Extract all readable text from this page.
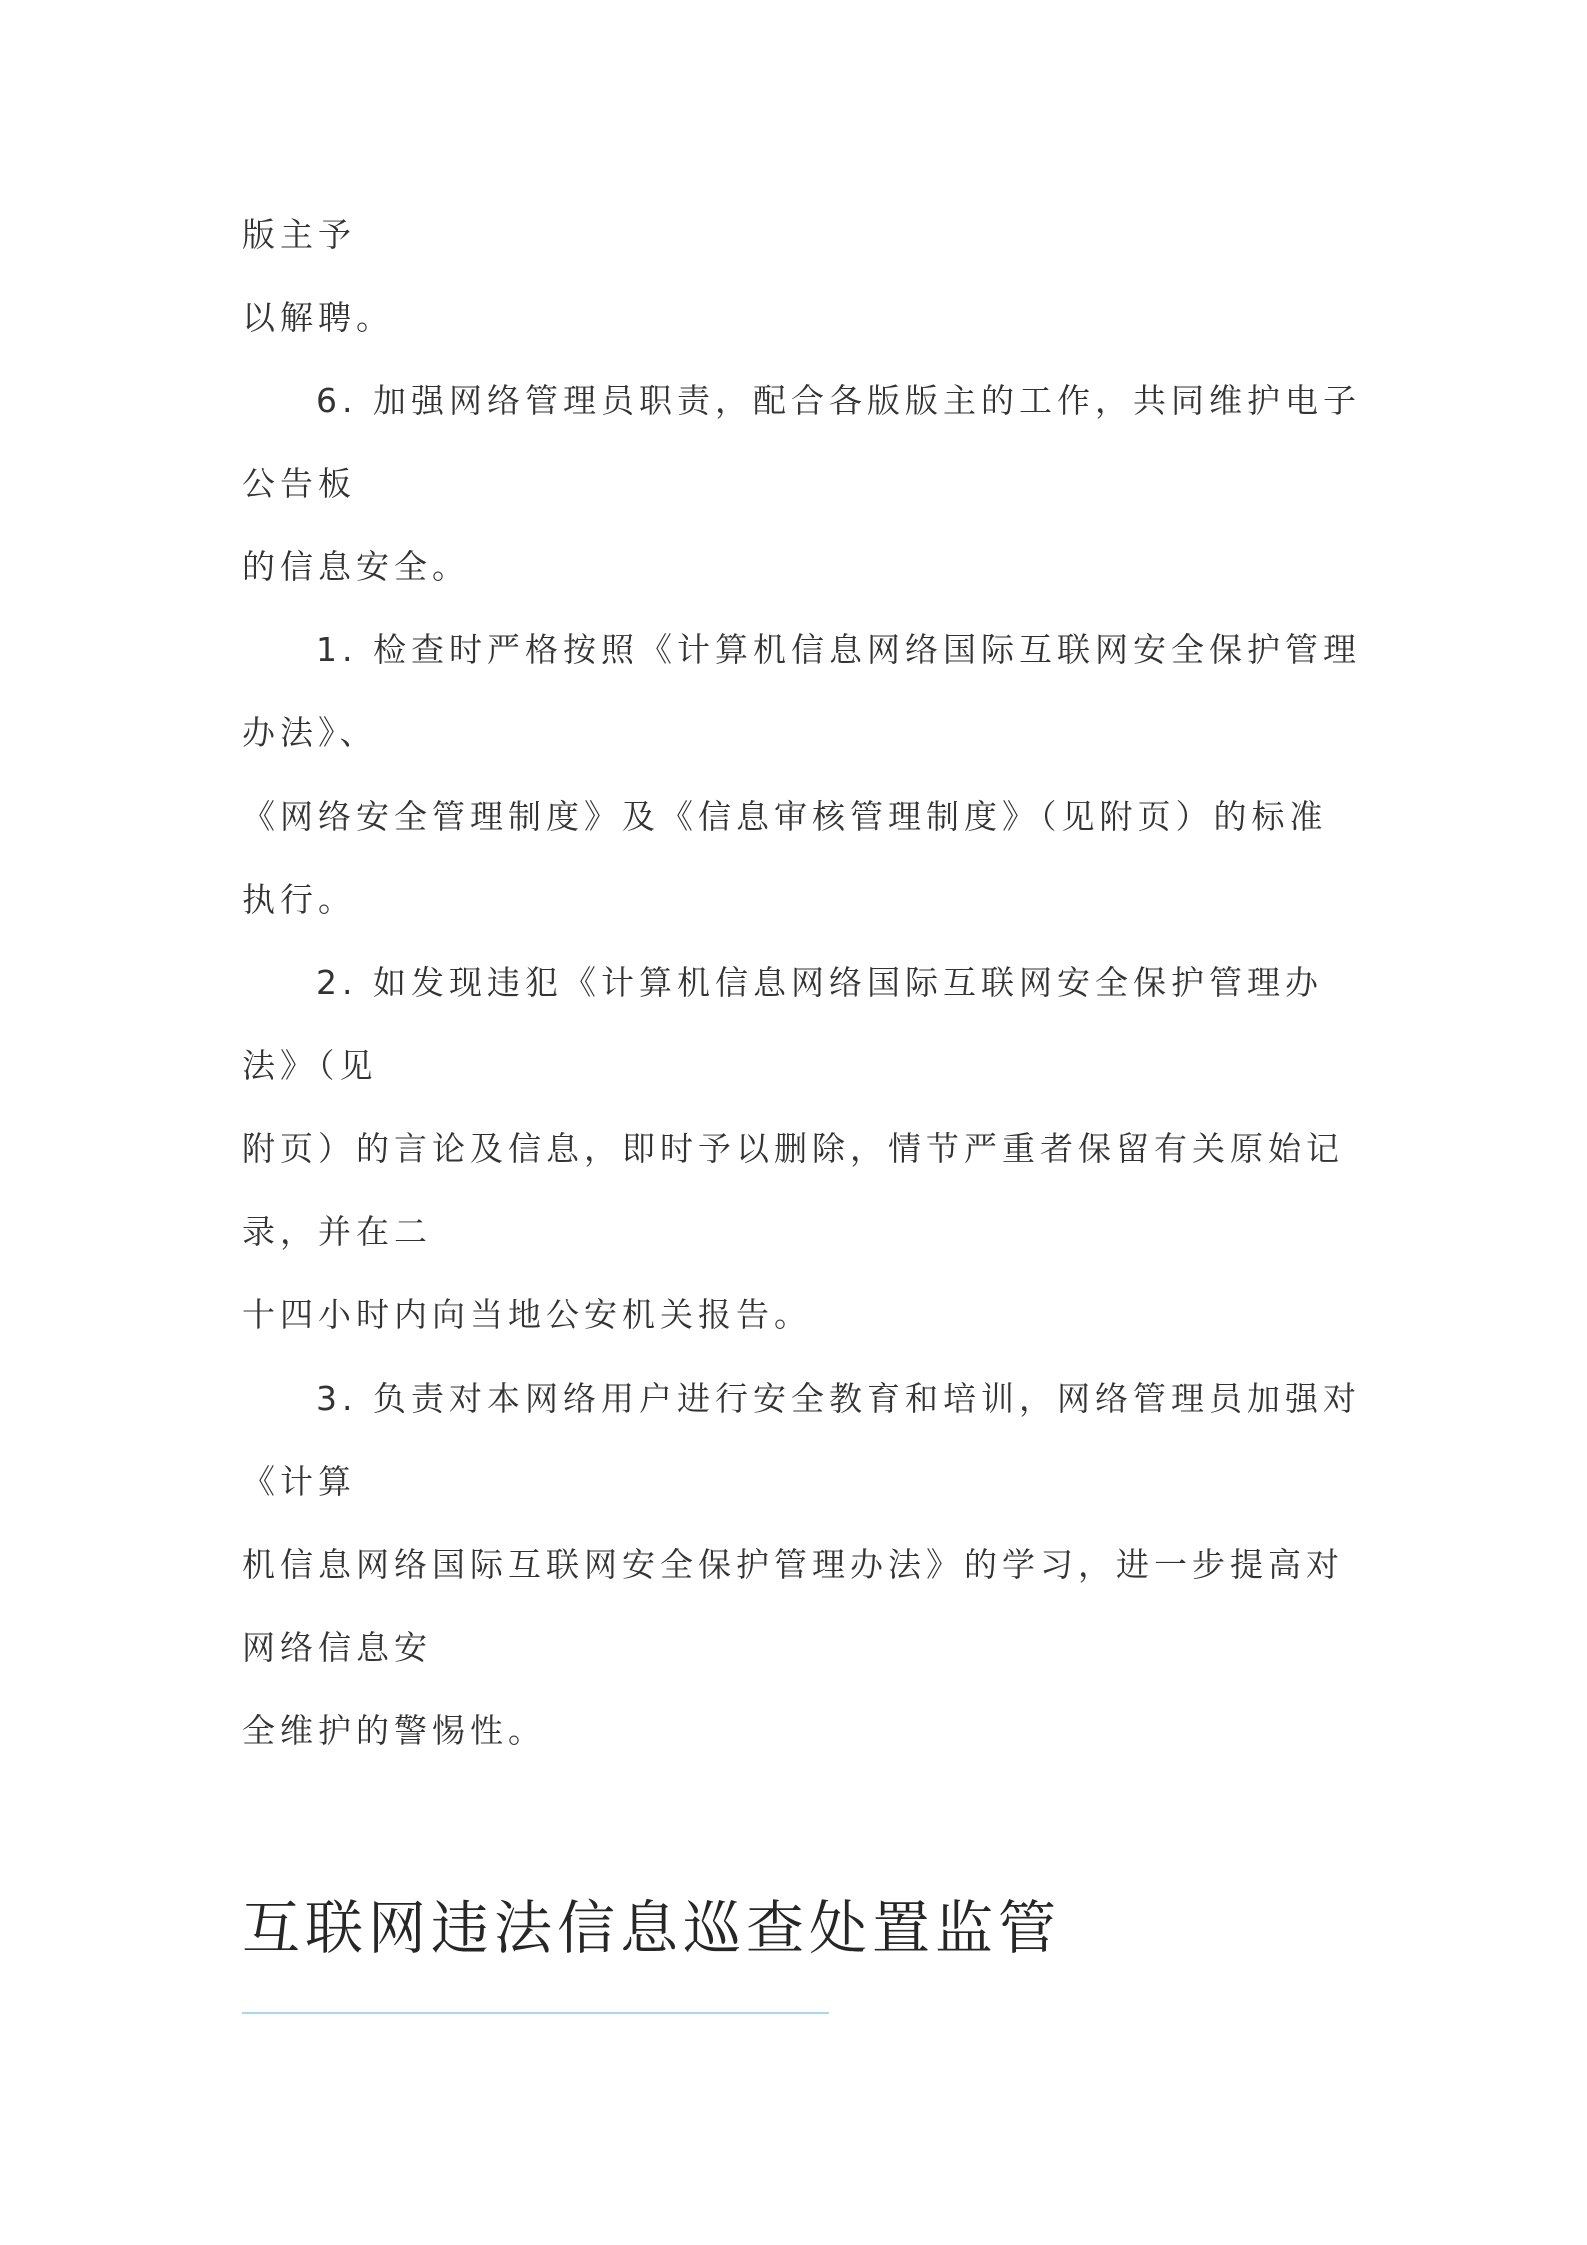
版主予
以解聘。
6. 加强网络管理员职责，配合各版版主的工作，共同维护电子
公告板
的信息安全。
1. 检查时严格按照《计算机信息网络国际互联网安全保护管理
办法》、
《网络安全管理制度》及《信息审核管理制度》（见附页）的标准
执行。
2. 如发现违犯《计算机信息网络国际互联网安全保护管理办
法》（见
附页）的言论及信息，即时予以删除，情节严重者保留有关原始记
录，并在二
十四小时内向当地公安机关报告。
3. 负责对本网络用户进行安全教育和培训，网络管理员加强对
《计算
机信息网络国际互联网安全保护管理办法》的学习，进一步提高对
网络信息安
全维护的警惕性。
互联网违法信息巡查处置监管
